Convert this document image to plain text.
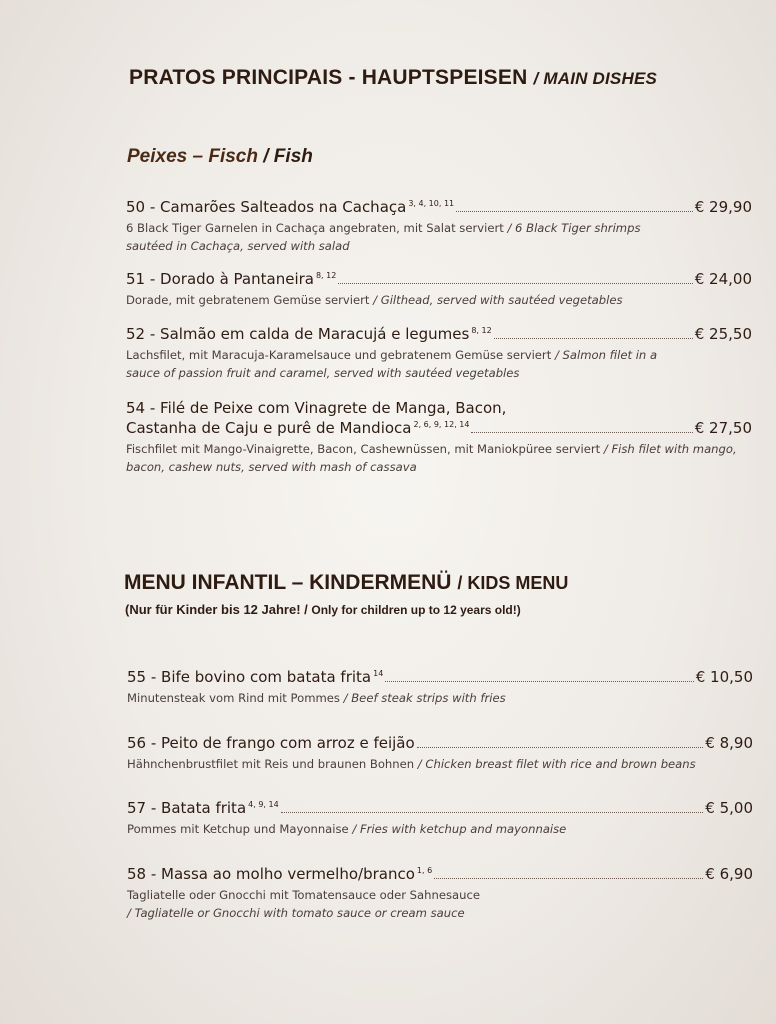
PRATOS PRINCIPAIS - HAUPTSPEISEN / MAIN DISHES
Peixes – Fisch / Fish
50 - Camarões Salteados na Cachaça $^{3, 4, 10, 11}$	€ 29,90
6 Black Tiger Garnelen in Cachaça angebraten, mit Salat serviert / 6 Black Tiger shrimps sautéed in Cachaça, served with salad
51 - Dorado à Pantaneira $^{8, 12}$	€ 24,00
Dorade, mit gebratenem Gemüse serviert / Gilthead, served with sautéed vegetables
52 - Salmão em calda de Maracujá e legumes $^{8, 12}$	€ 25,50
Lachsfilet, mit Maracuja-Karamelsauce und gebratenem Gemüse serviert / Salmon filet in a sauce of passion fruit and caramel, served with sautéed vegetables
54 - Filé de Peixe com Vinagrete de Manga, Bacon,
Castanha de Caju e purê de Mandioca $^{2, 6, 9, 12, 14}$	€ 27,50
Fischfilet mit Mango-Vinaigrette, Bacon, Cashewnüssen, mit Maniokpüree serviert / Fish filet with mango, bacon, cashew nuts, served with mash of cassava
MENU INFANTIL – KINDERMENÜ / KIDS MENU
(Nur für Kinder bis 12 Jahre! / Only for children up to 12 years old!)
55 - Bife bovino com batata frita $^{14}$	€ 10,50
Minutensteak vom Rind mit Pommes / Beef steak strips with fries
56 - Peito de frango com arroz e feijão	€ 8,90
Hähnchenbrustfilet mit Reis und braunen Bohnen / Chicken breast filet with rice and brown beans
57 - Batata frita $^{4, 9, 14}$	€ 5,00
Pommes mit Ketchup und Mayonnaise / Fries with ketchup and mayonnaise
58 - Massa ao molho vermelho/branco $^{1, 6}$	€ 6,90
Tagliatelle oder Gnocchi mit Tomatensauce oder Sahnesauce
/ Tagliatelle or Gnocchi with tomato sauce or cream sauce
